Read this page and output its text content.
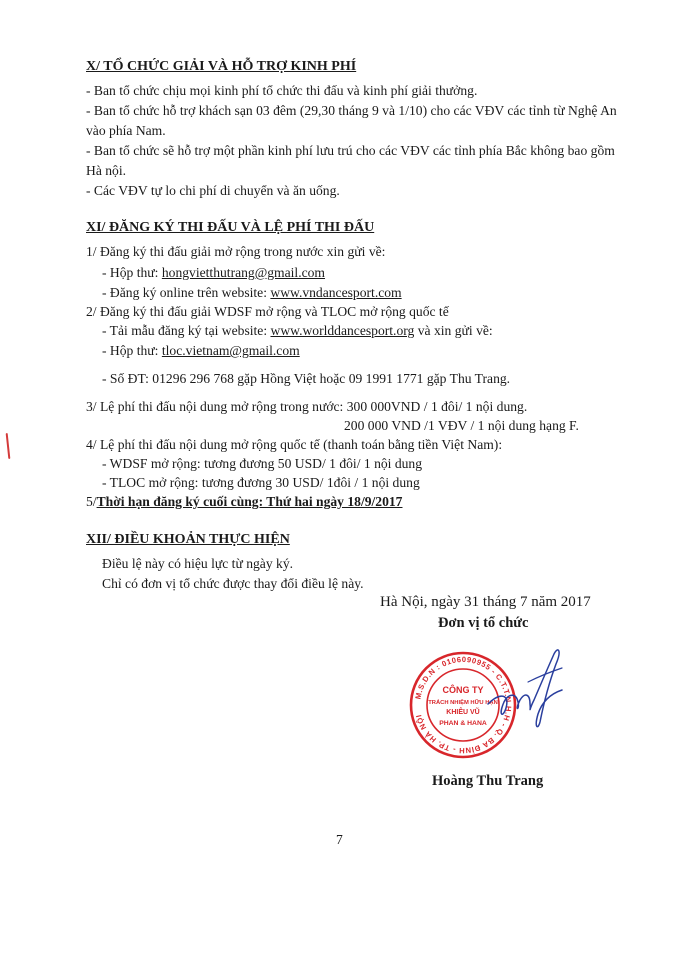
X/ TỔ CHỨC GIẢI VÀ HỖ TRỢ KINH PHÍ
- Ban tổ chức chịu mọi kinh phí tổ chức thi đấu và kinh phí giải thưởng.
- Ban tổ chức hỗ trợ khách sạn 03 đêm (29,30 tháng 9 và 1/10) cho các VĐV các tỉnh từ Nghệ An
vào phía Nam.
- Ban tổ chức sẽ hỗ trợ một phần kinh phí lưu trú cho các VĐV các tỉnh phía Bắc không bao gồm
Hà nội.
- Các VĐV tự lo chi phí di chuyển và ăn uống.
XI/ ĐĂNG KÝ THI ĐẤU VÀ LỆ PHÍ THI ĐẤU
1/ Đăng ký thi đấu giải mở rộng trong nước xin gửi về:
- Hộp thư: hongvietthutrang@gmail.com
- Đăng ký online trên website: www.vndancesport.com
2/ Đăng ký thi đấu giải WDSF mở rộng và TLOC mở rộng quốc tế
- Tải mẫu đăng ký tại website: www.worlddancesport.org và xin gửi về:
- Hộp thư: tloc.vietnam@gmail.com
- Số ĐT: 01296 296 768 gặp Hồng Việt hoặc 09 1991 1771 gặp Thu Trang.
3/ Lệ phí thi đấu nội dung mở rộng trong nước: 300 000VND / 1 đôi/ 1 nội dung.
200 000 VND /1 VĐV / 1 nội dung hạng F.
4/ Lệ phí thi đấu nội dung mở rộng quốc tế (thanh toán bằng tiền Việt Nam):
- WDSF mở rộng: tương đương 50 USD/ 1 đôi/ 1 nội dung
- TLOC mở rộng: tương đương 30 USD/ 1đôi / 1 nội dung
5/Thời hạn đăng ký cuối cùng: Thứ hai ngày 18/9/2017
XII/ ĐIỀU KHOẢN THỰC HIỆN
Điều lệ này có hiệu lực từ ngày ký.
Chỉ có đơn vị tổ chức được thay đổi điều lệ này.
Hà Nội, ngày 31 tháng 7 năm 2017
Đơn vị tổ chức
M.S.D.N : 0106090955 - C.T.T.N.H.H - Q. BA ĐÌNH - TP. HÀ NỘI
CÔNG TY
TRÁCH NHIỆM HỮU HẠN
KHIÊU VŨ
PHAN & HANA
Hoàng Thu Trang
7
